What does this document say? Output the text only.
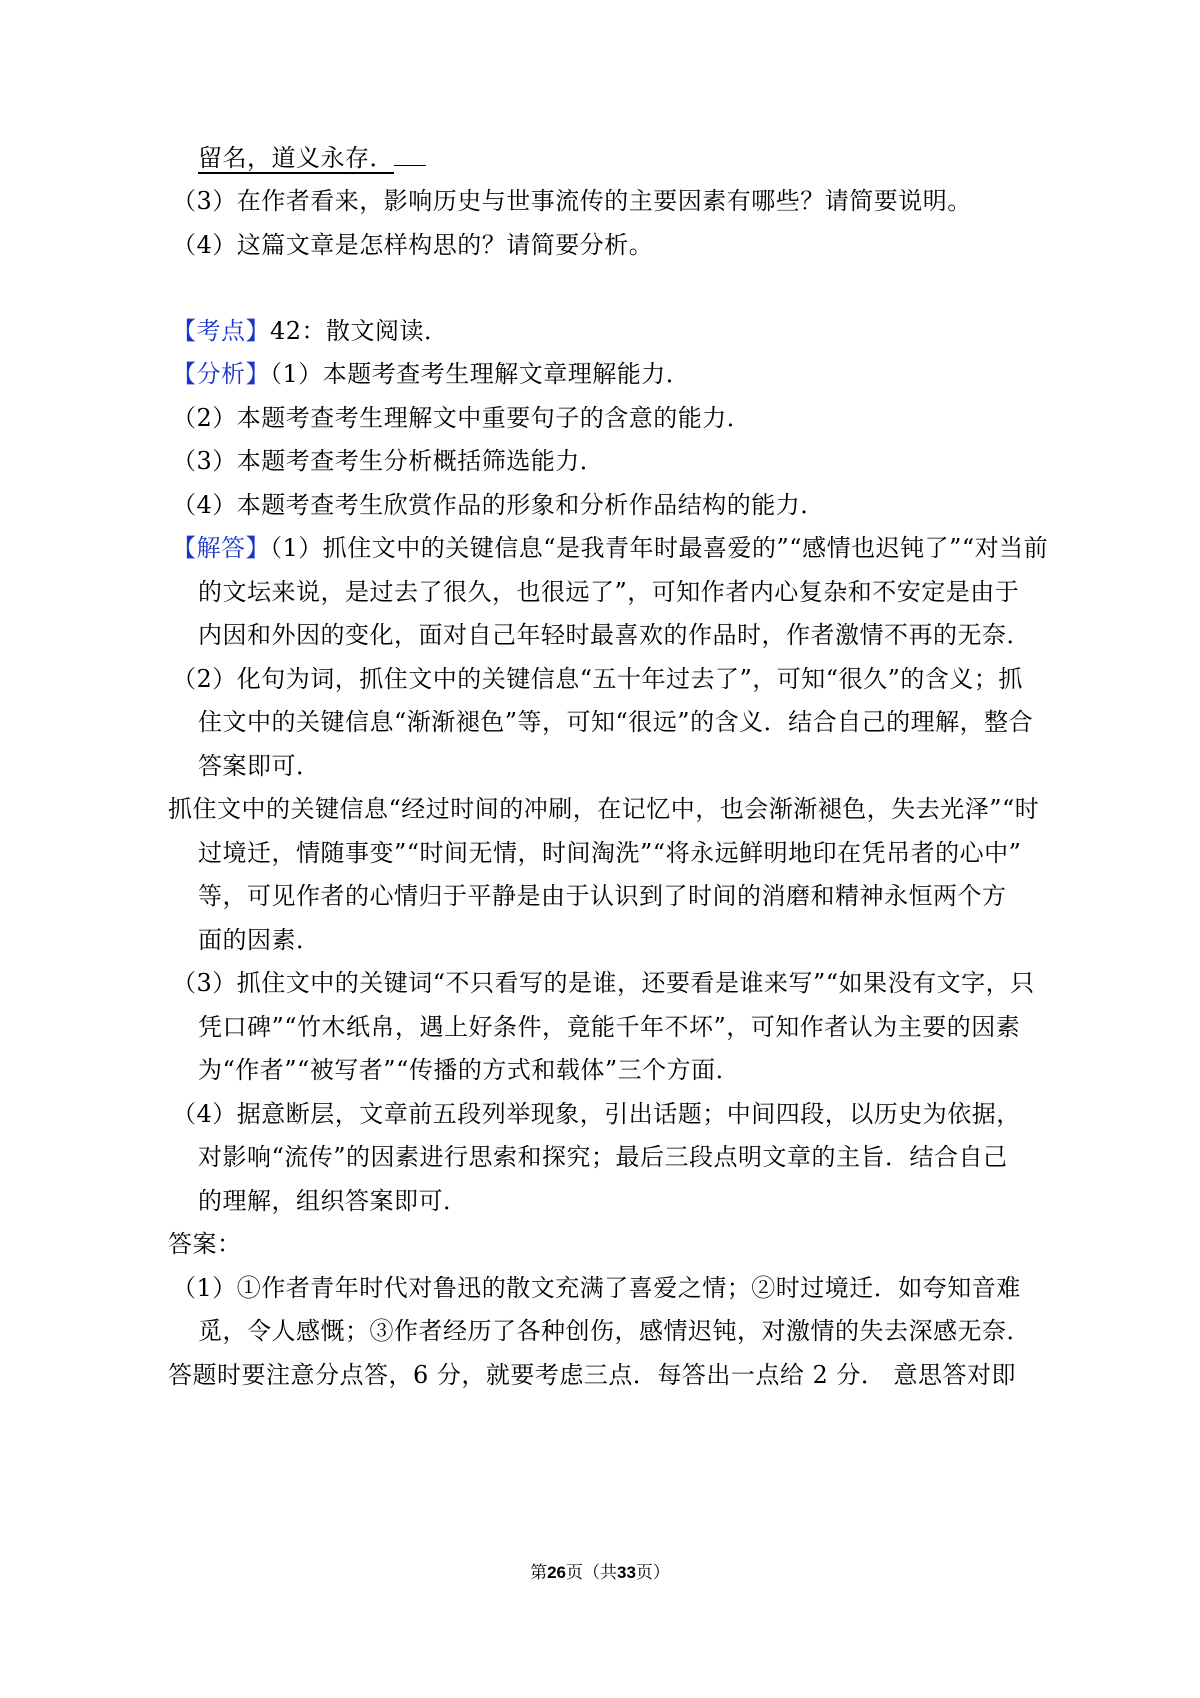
留名，道义永存．
（3）在作者看来，影响历史与世事流传的主要因素有哪些？请简要说明。
（4）这篇文章是怎样构思的？请简要分析。
【考点】42：散文阅读．
【分析】（1）本题考查考生理解文章理解能力．
（2）本题考查考生理解文中重要句子的含意的能力．
（3）本题考查考生分析概括筛选能力．
（4）本题考查考生欣赏作品的形象和分析作品结构的能力．
【解答】（1）抓住文中的关键信息“是我青年时最喜爱的”“感情也迟钝了”“对当前
的文坛来说，是过去了很久，也很远了”，可知作者内心复杂和不安定是由于
内因和外因的变化，面对自己年轻时最喜欢的作品时，作者激情不再的无奈．
（2）化句为词，抓住文中的关键信息“五十年过去了”，可知“很久”的含义；抓
住文中的关键信息“渐渐褪色”等，可知“很远”的含义．结合自己的理解，整合
答案即可．
抓住文中的关键信息“经过时间的冲刷，在记忆中，也会渐渐褪色，失去光泽”“时
过境迁，情随事变”“时间无情，时间淘洗”“将永远鲜明地印在凭吊者的心中”
等，可见作者的心情归于平静是由于认识到了时间的消磨和精神永恒两个方
面的因素．
（3）抓住文中的关键词“不只看写的是谁，还要看是谁来写”“如果没有文字，只
凭口碑”“竹木纸帛，遇上好条件，竟能千年不坏”，可知作者认为主要的因素
为“作者”“被写者”“传播的方式和载体”三个方面．
（4）据意断层，文章前五段列举现象，引出话题；中间四段，以历史为依据，
对影响“流传”的因素进行思索和探究；最后三段点明文章的主旨．结合自己
的理解，组织答案即可．
答案：
（1）①作者青年时代对鲁迅的散文充满了喜爱之情；②时过境迁．如夸知音难
觅，令人感慨；③作者经历了各种创伤，感情迟钝，对激情的失去深感无奈．
答题时要注意分点答，6 分，就要考虑三点．每答出一点给 2 分． 意思答对即
第26页（共33页）
